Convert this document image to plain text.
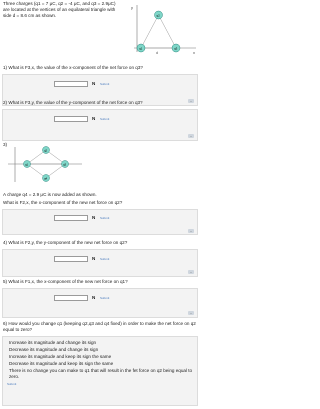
Three charges (q1 = 7 μC, q2 = -4 μC, and q3 = 2.9μC) are located at the vertices of an equilateral triangle with side d = 8.6 cm as shown.
y
x
d
q2
q1	q3
1) What is F3,x, the value of the x-component of the net force on q3?
N Submit
⌄
2) What is F3,y, the value of the y-component of the net force on q3?
N Submit
⌄
3)
q2
q1	q3
q4
A charge q4 = 2.9 μC is now added as shown.
What is F2,x, the x-component of the new net force on q2?
N Submit
⌄
4) What is F2,y, the y-component of the new net force on q2?
N Submit
⌄
5) What is F1,x, the x-component of the new net force on q1?
N Submit
⌄
6) How would you change q1 (keeping q2,q3 and q4 fixed) in order to make the net force on q2 equal to zero?
Increase its magnitude and change its sign
Decrease its magnitude and change its sign
Increase its magnitude and keep its sign the same
Decrease its magnitude and keep its sign the same
There is no change you can make to q1 that will result in the fet force on q2 being equal to zero.
Submit
